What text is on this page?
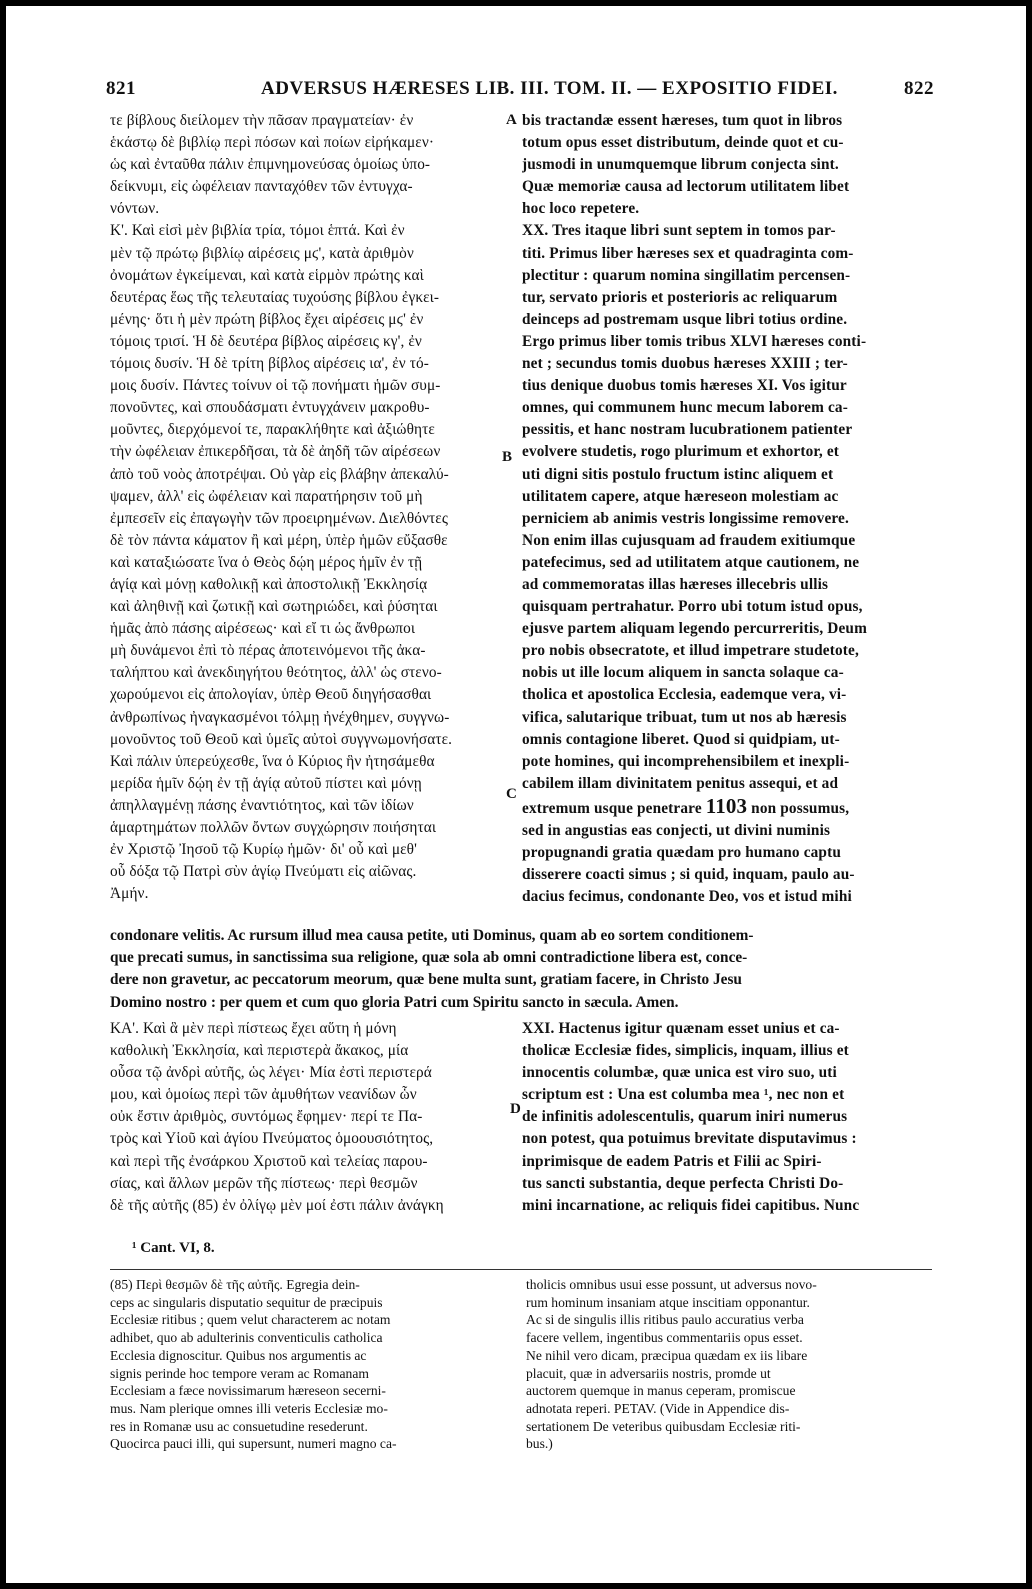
821	ADVERSUS HÆRESES LIB. III. TOM. II. — EXPOSITIO FIDEI.	822
τε βίβλους διείλομεν τὴν πᾶσαν πραγματείαν· ἐν
ἑκάστῳ δὲ βιβλίῳ περὶ πόσων καὶ ποίων εἰρήκαμεν·
ὡς καὶ ἐνταῦθα πάλιν ἐπιμνημονεύσας ὁμοίως ὑπο-
δείκνυμι, εἰς ὠφέλειαν πανταχόθεν τῶν ἐντυγχα-
νόντων.
Κ'. Καὶ εἰσὶ μὲν βιβλία τρία, τόμοι ἑπτά. Καὶ ἐν
μὲν τῷ πρώτῳ βιβλίῳ αἱρέσεις μϛ', κατὰ ἀριθμὸν
ὀνομάτων ἐγκείμεναι, καὶ κατὰ εἱρμὸν πρώτης καὶ
δευτέρας ἕως τῆς τελευταίας τυχούσης βίβλου ἐγκει-
μένης· ὅτι ἡ μὲν πρώτη βίβλος ἔχει αἱρέσεις μϛ' ἐν
τόμοις τρισί. Ἡ δὲ δευτέρα βίβλος αἱρέσεις κγ', ἐν
τόμοις δυσίν. Ἡ δὲ τρίτη βίβλος αἱρέσεις ια', ἐν τό-
μοις δυσίν. Πάντες τοίνυν οἱ τῷ πονήματι ἡμῶν συμ-
πονοῦντες, καὶ σπουδάσματι ἐντυγχάνειν μακροθυ-
μοῦντες, διερχόμενοί τε, παρακλήθητε καὶ ἀξιώθητε
τὴν ὠφέλειαν ἐπικερδῆσαι, τὰ δὲ ἀηδῆ τῶν αἱρέσεων
ἀπὸ τοῦ νοὸς ἀποτρέψαι. Οὐ γὰρ εἰς βλάβην ἀπεκαλύ-
ψαμεν, ἀλλ' εἰς ὠφέλειαν καὶ παρατήρησιν τοῦ μὴ
ἐμπεσεῖν εἰς ἐπαγωγὴν τῶν προειρημένων. Διελθόντες
δὲ τὸν πάντα κάματον ἢ καὶ μέρη, ὑπὲρ ἡμῶν εὔξασθε
καὶ καταξιώσατε ἵνα ὁ Θεὸς δῴη μέρος ἡμῖν ἐν τῇ
ἁγίᾳ καὶ μόνῃ καθολικῇ καὶ ἀποστολικῇ Ἐκκλησίᾳ
καὶ ἀληθινῇ καὶ ζωτικῇ καὶ σωτηριώδει, καὶ ῥύσηται
ἡμᾶς ἀπὸ πάσης αἱρέσεως· καὶ εἴ τι ὡς ἄνθρωποι
μὴ δυνάμενοι ἐπὶ τὸ πέρας ἀποτεινόμενοι τῆς ἀκα-
ταλήπτου καὶ ἀνεκδιηγήτου θεότητος, ἀλλ' ὡς στενο-
χωρούμενοι εἰς ἀπολογίαν, ὑπὲρ Θεοῦ διηγήσασθαι
ἀνθρωπίνως ἠναγκασμένοι τόλμῃ ἠνέχθημεν, συγγνω-
μονοῦντος τοῦ Θεοῦ καὶ ὑμεῖς αὐτοὶ συγγνωμονήσατε.
Καὶ πάλιν ὑπερεύχεσθε, ἵνα ὁ Κύριος ἣν ἠτησάμεθα
μερίδα ἡμῖν δῴη ἐν τῇ ἁγίᾳ αὐτοῦ πίστει καὶ μόνῃ
ἀπηλλαγμένῃ πάσης ἐναντιότητος, καὶ τῶν ἰδίων
ἁμαρτημάτων πολλῶν ὄντων συγχώρησιν ποιήσηται
ἐν Χριστῷ Ἰησοῦ τῷ Κυρίῳ ἡμῶν· δι' οὗ καὶ μεθ'
οὗ δόξα τῷ Πατρὶ σὺν ἁγίῳ Πνεύματι εἰς αἰῶνας.
Ἀμήν.
bis tractandæ essent hæreses, tum quot in libros
totum opus esset distributum, deinde quot et cu-
jusmodi in unumquemque librum conjecta sint.
Quæ memoriæ causa ad lectorum utilitatem libet
hoc loco repetere.
XX. Tres itaque libri sunt septem in tomos par-
titi. Primus liber hæreses sex et quadraginta com-
plectitur : quarum nomina singillatim percensen-
tur, servato prioris et posterioris ac reliquarum
deinceps ad postremam usque libri totius ordine.
Ergo primus liber tomis tribus XLVI hæreses conti-
net ; secundus tomis duobus hæreses XXIII ; ter-
tius denique duobus tomis hæreses XI. Vos igitur
omnes, qui communem hunc mecum laborem ca-
pessitis, et hanc nostram lucubrationem patienter
evolvere studetis, rogo plurimum et exhortor, et
uti digni sitis postulo fructum istinc aliquem et
utilitatem capere, atque hæreseon molestiam ac
perniciem ab animis vestris longissime removere.
Non enim illas cujusquam ad fraudem exitiumque
patefecimus, sed ad utilitatem atque cautionem, ne
ad commemoratas illas hæreses illecebris ullis
quisquam pertrahatur. Porro ubi totum istud opus,
ejusve partem aliquam legendo percurreritis, Deum
pro nobis obsecratote, et illud impetrare studetote,
nobis ut ille locum aliquem in sancta solaque ca-
tholica et apostolica Ecclesia, eademque vera, vi-
vifica, salutarique tribuat, tum ut nos ab hæresis
omnis contagione liberet. Quod si quidpiam, ut-
pote homines, qui incomprehensibilem et inexpli-
cabilem illam divinitatem penitus assequi, et ad
extremum usque penetrare 1103 non possumus,
sed in angustias eas conjecti, ut divini numinis
propugnandi gratia quædam pro humano captu
disserere coacti simus ; si quid, inquam, paulo au-
dacius fecimus, condonante Deo, vos et istud mihi
A
B
C
D
condonare velitis. Ac rursum illud mea causa petite, uti Dominus, quam ab eo sortem conditionem-
que precati sumus, in sanctissima sua religione, quæ sola ab omni contradictione libera est, conce-
dere non gravetur, ac peccatorum meorum, quæ bene multa sunt, gratiam facere, in Christo Jesu
Domino nostro : per quem et cum quo gloria Patri cum Spiritu sancto in sæcula. Amen.
ΚΑ'. Καὶ ἃ μὲν περὶ πίστεως ἔχει αὕτη ἡ μόνη
καθολικὴ Ἐκκλησία, καὶ περιστερὰ ἄκακος, μία
οὖσα τῷ ἀνδρὶ αὐτῆς, ὡς λέγει· Μία ἐστὶ περιστερά
μου, καὶ ὁμοίως περὶ τῶν ἀμυθήτων νεανίδων ὧν
οὐκ ἔστιν ἀριθμὸς, συντόμως ἔφημεν· περί τε Πα-
τρὸς καὶ Υἱοῦ καὶ ἁγίου Πνεύματος ὁμοουσιότητος,
καὶ περὶ τῆς ἐνσάρκου Χριστοῦ καὶ τελείας παρου-
σίας, καὶ ἄλλων μερῶν τῆς πίστεως· περὶ θεσμῶν
δὲ τῆς αὐτῆς (85) ἐν ὀλίγῳ μὲν μοί ἐστι πάλιν ἀνάγκη
XXI. Hactenus igitur quænam esset unius et ca-
tholicæ Ecclesiæ fides, simplicis, inquam, illius et
innocentis columbæ, quæ unica est viro suo, uti
scriptum est : Una est columba mea ¹, nec non et
de infinitis adolescentulis, quarum iniri numerus
non potest, qua potuimus brevitate disputavimus :
inprimisque de eadem Patris et Filii ac Spiri-
tus sancti substantia, deque perfecta Christi Do-
mini incarnatione, ac reliquis fidei capitibus. Nunc
¹ Cant. VI, 8.
(85) Περὶ θεσμῶν δὲ τῆς αὐτῆς. Egregia dein-
ceps ac singularis disputatio sequitur de præcipuis
Ecclesiæ ritibus ; quem velut characterem ac notam
adhibet, quo ab adulterinis conventiculis catholica
Ecclesia dignoscitur. Quibus nos argumentis ac
signis perinde hoc tempore veram ac Romanam
Ecclesiam a fæce novissimarum hæreseon secerni-
mus. Nam plerique omnes illi veteris Ecclesiæ mo-
res in Romanæ usu ac consuetudine resederunt.
Quocirca pauci illi, qui supersunt, numeri magno ca-
tholicis omnibus usui esse possunt, ut adversus novo-
rum hominum insaniam atque inscitiam opponantur.
Ac si de singulis illis ritibus paulo accuratius verba
facere vellem, ingentibus commentariis opus esset.
Ne nihil vero dicam, præcipua quædam ex iis libare
placuit, quæ in adversariis nostris, promde ut
auctorem quemque in manus ceperam, promiscue
adnotata reperi. PETAV. (Vide in Appendice dis-
sertationem De veteribus quibusdam Ecclesiæ riti-
bus.)
